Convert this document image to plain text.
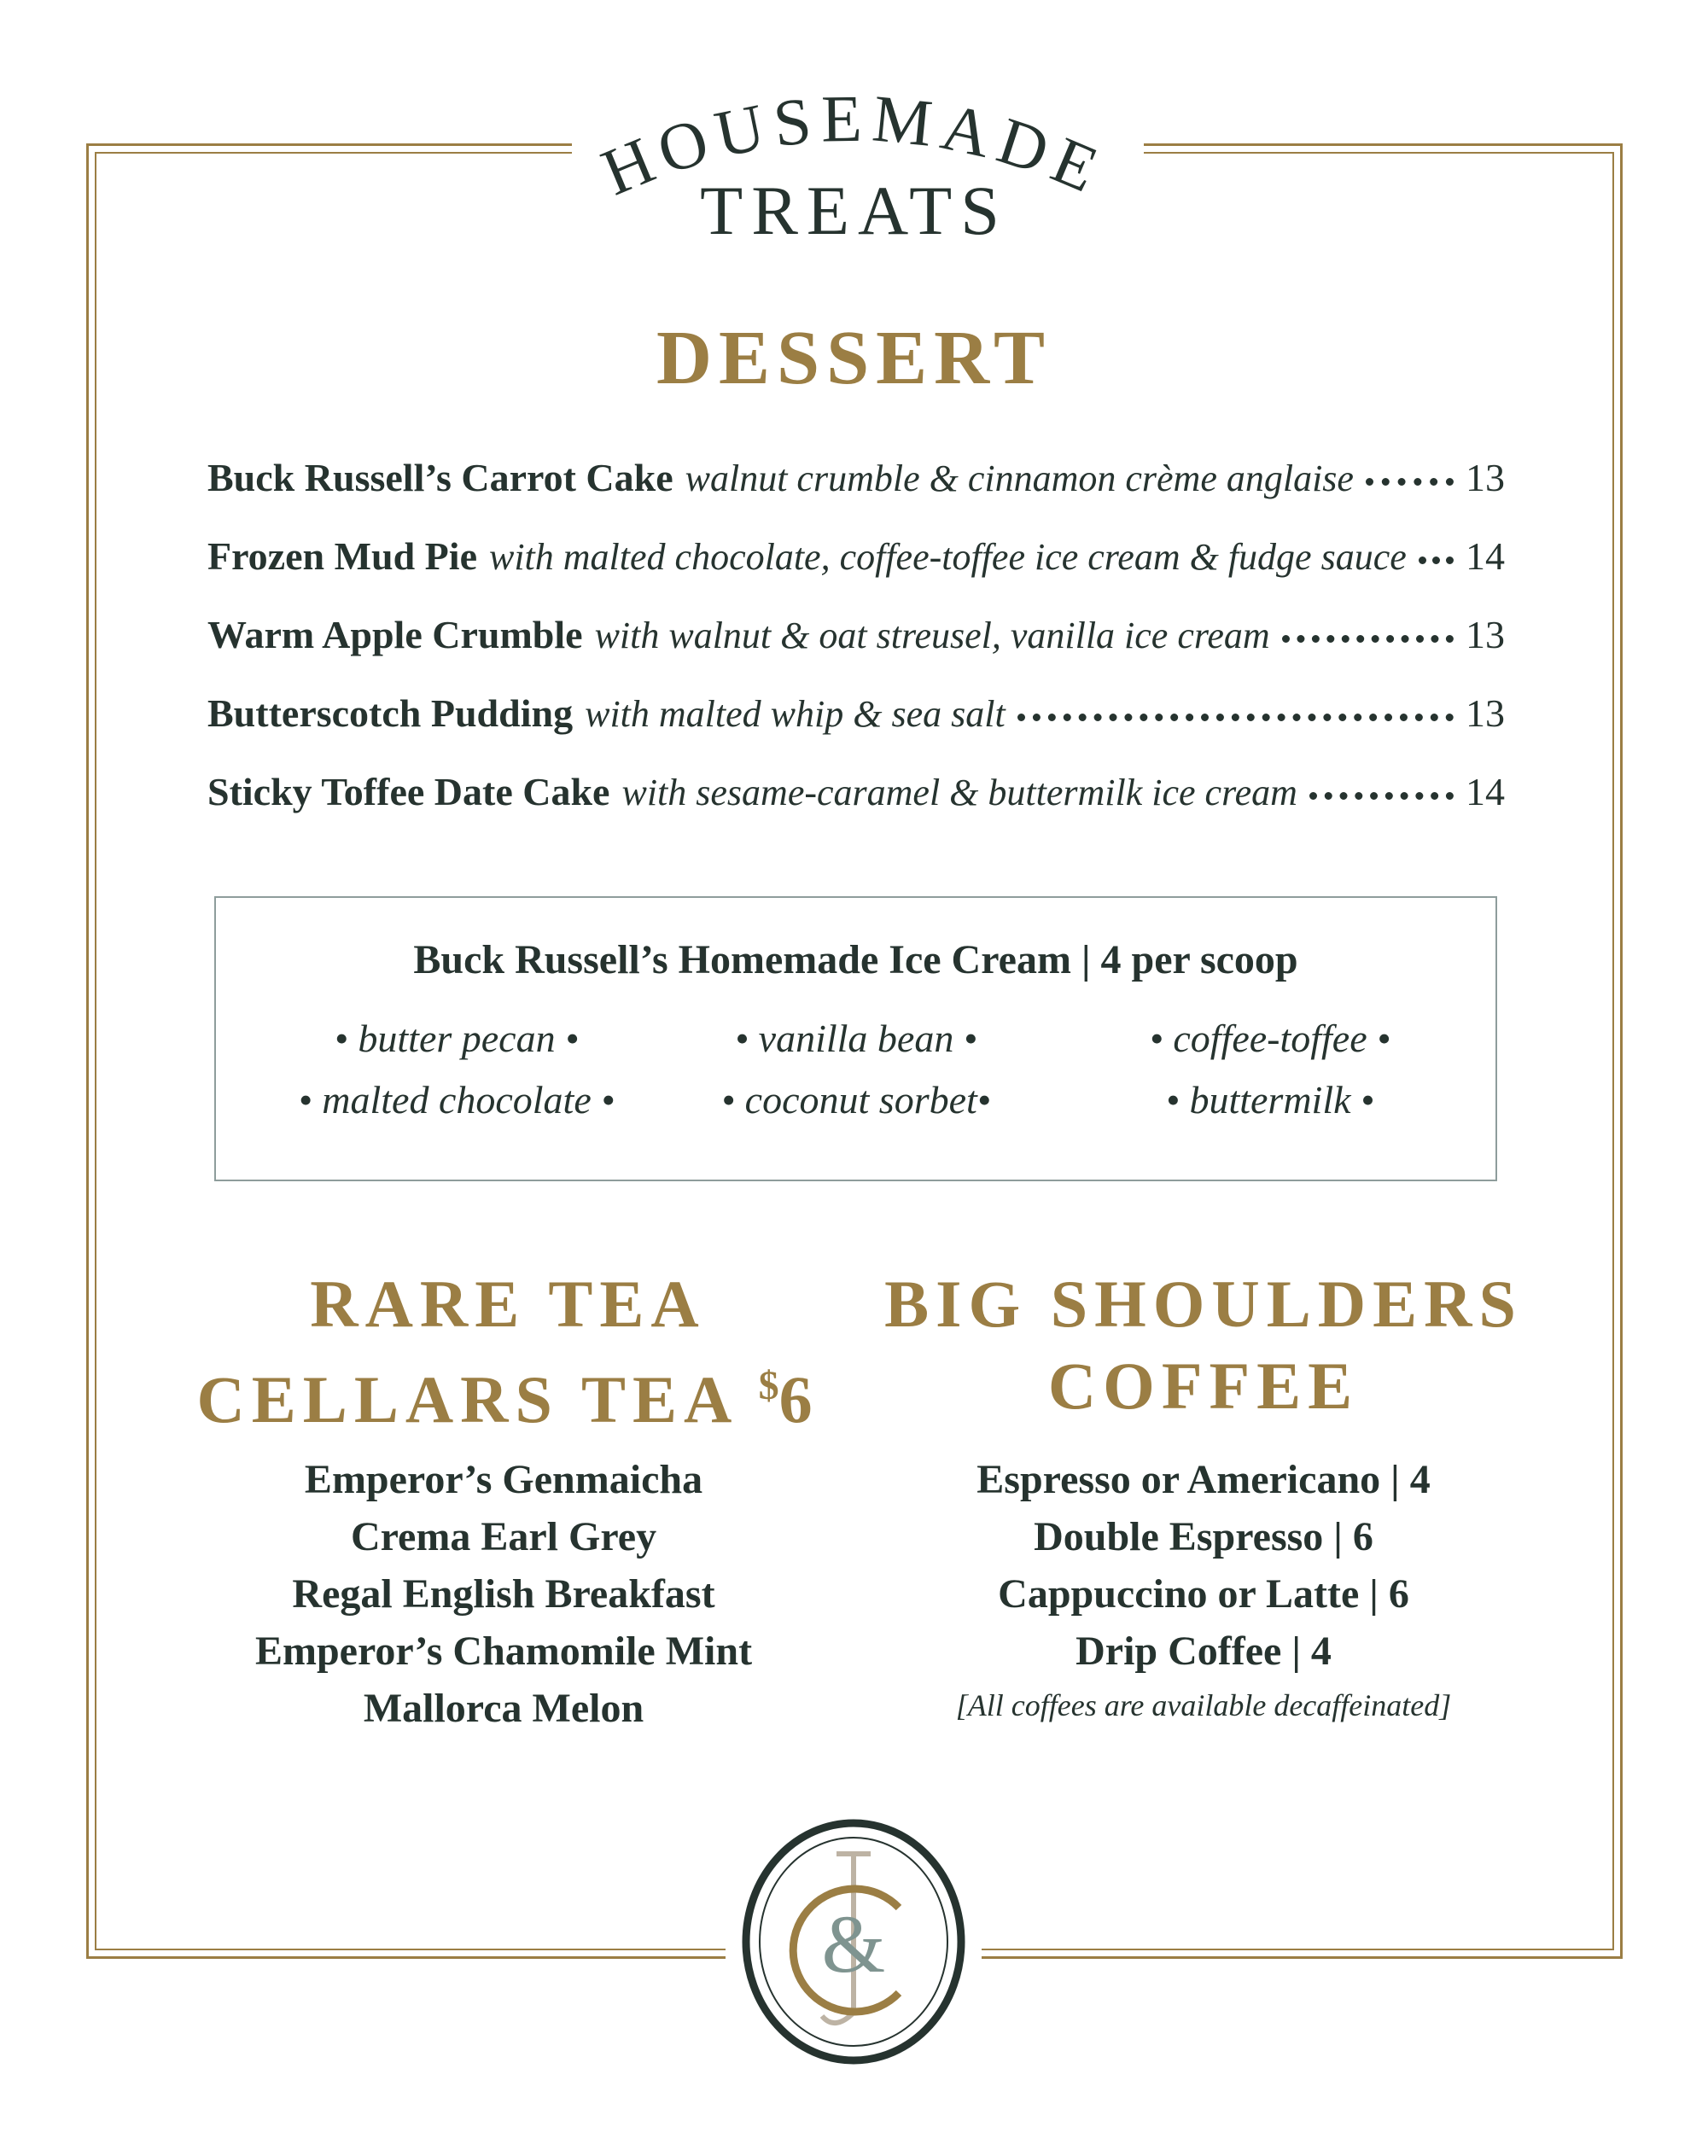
HOUSEMADE
TREATS
DESSERT
Buck Russell’s Carrot Cake walnut crumble & cinnamon crème anglaise	13
Frozen Mud Pie with malted chocolate, coffee-toffee ice cream & fudge sauce 14
Warm Apple Crumble with walnut & oat streusel, vanilla ice cream	13
Butterscotch Pudding with malted whip & sea salt	13
Sticky Toffee Date Cake with sesame-caramel & buttermilk ice cream	14
Buck Russell’s Homemade Ice Cream | 4 per scoop
• butter pecan •	• vanilla bean •	• coffee-toffee •
• malted chocolate •	• coconut sorbet•	• buttermilk •
RARE TEA
CELLARS TEA $6
BIG SHOULDERS
COFFEE
Emperor’s Genmaicha
Crema Earl Grey
Regal English Breakfast
Emperor’s Chamomile Mint
Mallorca Melon
Espresso or Americano | 4
Double Espresso | 6
Cappuccino or Latte | 6
Drip Coffee | 4
[All coffees are available decaffeinated]
&
